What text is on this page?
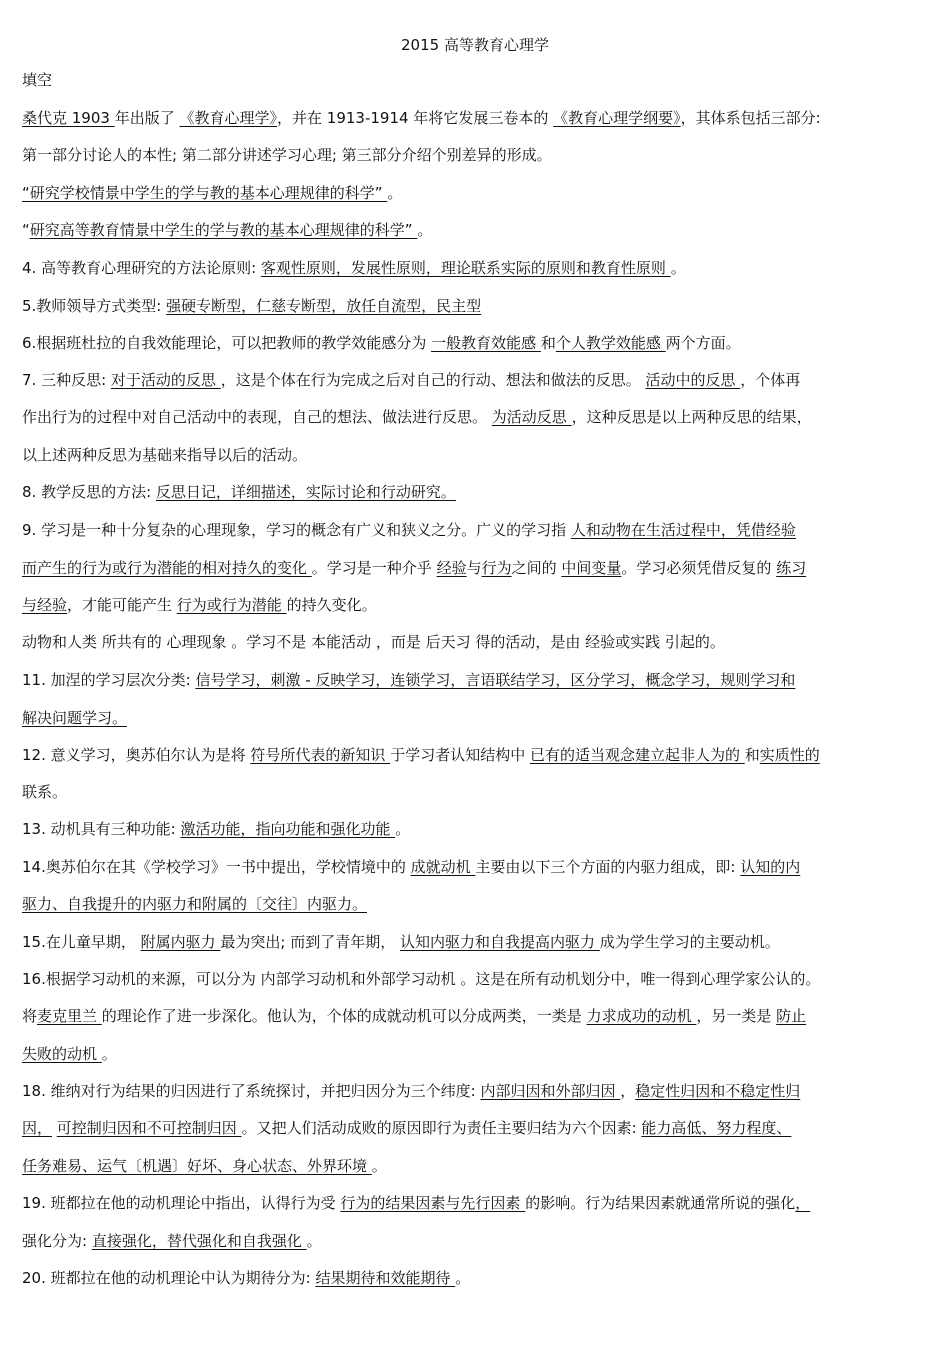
2015 高等教育心理学
填空
桑代克 1903 年出版了 《教育心理学》，并在 1913-1914 年将它发展三卷本的 《教育心理学纲要》，其体系包括三部分:
第一部分讨论人的本性; 第二部分讲述学习心理; 第三部分介绍个别差异的形成。
“研究学校情景中学生的学与教的基本心理规律的科学” 。
“研究高等教育情景中学生的学与教的基本心理规律的科学” 。
4. 高等教育心理研究的方法论原则: 客观性原则，发展性原则，理论联系实际的原则和教育性原则 。
5.教师领导方式类型: 强硬专断型，仁慈专断型，放任自流型，民主型
6.根据班杜拉的自我效能理论，可以把教师的教学效能感分为 一般教育效能感 和个人教学效能感 两个方面。
7. 三种反思: 对于活动的反思 ，这是个体在行为完成之后对自己的行动、想法和做法的反思。 活动中的反思 ，个体再
作出行为的过程中对自己活动中的表现，自己的想法、做法进行反思。 为活动反思 ，这种反思是以上两种反思的结果，
以上述两种反思为基础来指导以后的活动。
8. 教学反思的方法: 反思日记，详细描述，实际讨论和行动研究。
9. 学习是一种十分复杂的心理现象，学习的概念有广义和狭义之分。广义的学习指 人和动物在生活过程中，凭借经验
而产生的行为或行为潜能的相对持久的变化 。学习是一种介乎 经验与行为之间的 中间变量。学习必须凭借反复的 练习
与经验，才能可能产生 行为或行为潜能 的持久变化。
动物和人类 所共有的 心理现象 。学习不是 本能活动 ，而是 后天习 得的活动，是由 经验或实践 引起的。
11. 加涅的学习层次分类: 信号学习，刺激 - 反映学习，连锁学习，言语联结学习，区分学习，概念学习，规则学习和
解决问题学习。
12. 意义学习，奥苏伯尔认为是将 符号所代表的新知识 于学习者认知结构中 已有的适当观念建立起非人为的 和实质性的
联系。
13. 动机具有三种功能: 激活功能，指向功能和强化功能 。
14.奥苏伯尔在其《学校学习》一书中提出，学校情境中的 成就动机 主要由以下三个方面的内驱力组成，即: 认知的内
驱力、自我提升的内驱力和附属的〔交往〕内驱力。
15.在儿童早期， 附属内驱力 最为突出; 而到了青年期， 认知内驱力和自我提高内驱力 成为学生学习的主要动机。
16.根据学习动机的来源，可以分为 内部学习动机和外部学习动机 。这是在所有动机划分中，唯一得到心理学家公认的。
将麦克里兰 的理论作了进一步深化。他认为，个体的成就动机可以分成两类，一类是 力求成功的动机 ，另一类是 防止
失败的动机 。
18. 维纳对行为结果的归因进行了系统探讨，并把归因分为三个纬度: 内部归因和外部归因 ，稳定性归因和不稳定性归
因， 可控制归因和不可控制归因 。又把人们活动成败的原因即行为责任主要归结为六个因素: 能力高低、努力程度、
任务难易、运气〔机遇〕好坏、身心状态、外界环境 。
19. 班都拉在他的动机理论中指出，认得行为受 行为的结果因素与先行因素 的影响。行为结果因素就通常所说的强化，
强化分为: 直接强化，替代强化和自我强化 。
20. 班都拉在他的动机理论中认为期待分为: 结果期待和效能期待 。
